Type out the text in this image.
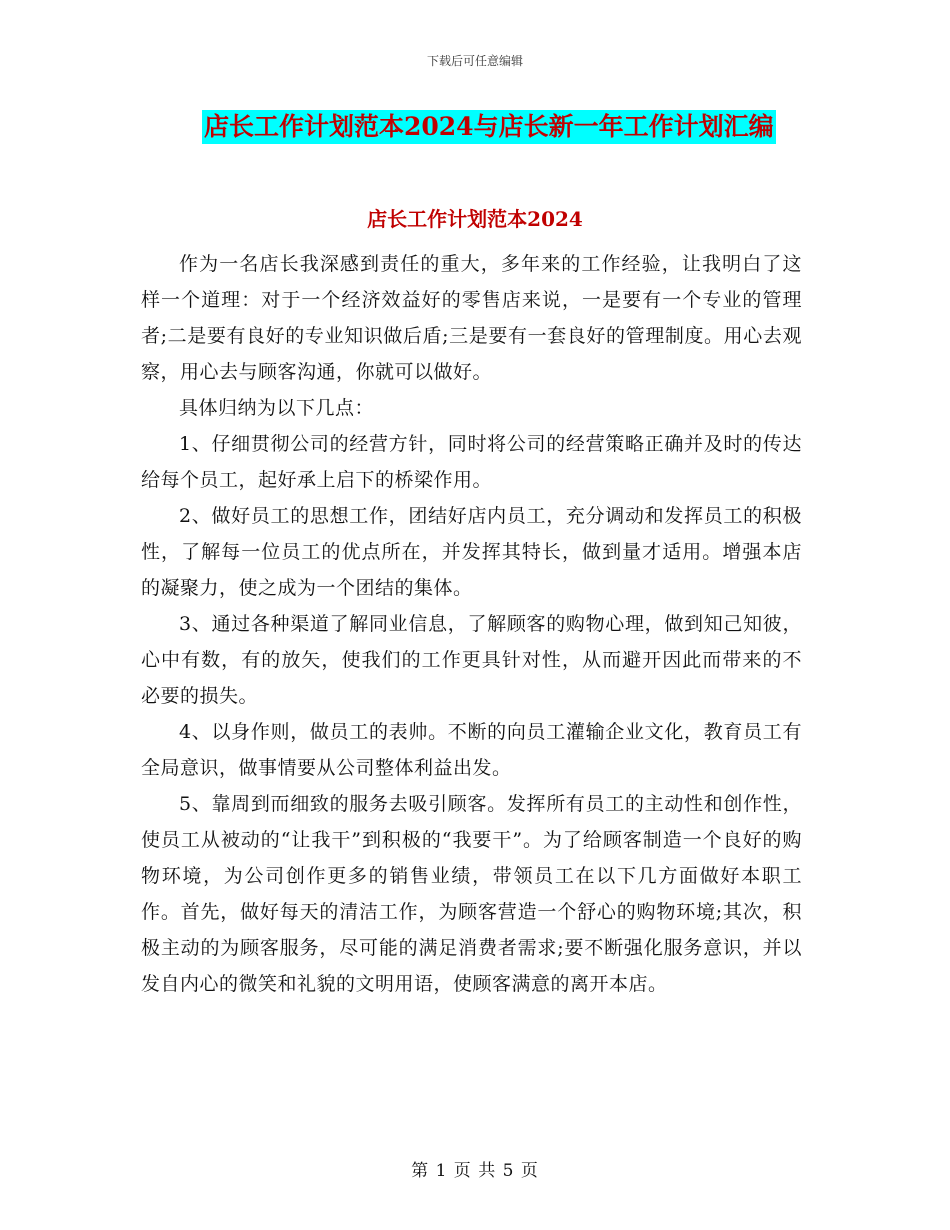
下载后可任意编辑
店长工作计划范本2024与店长新一年工作计划汇编
店长工作计划范本2024

作为一名店长我深感到责任的重大，多年来的工作经验，让我明白了这样一个道理：对于一个经济效益好的零售店来说，一是要有一个专业的管理者;二是要有良好的专业知识做后盾;三是要有一套良好的管理制度。用心去观察，用心去与顾客沟通，你就可以做好。

具体归纳为以下几点：

1、仔细贯彻公司的经营方针，同时将公司的经营策略正确并及时的传达给每个员工，起好承上启下的桥梁作用。

2、做好员工的思想工作，团结好店内员工，充分调动和发挥员工的积极性，了解每一位员工的优点所在，并发挥其特长，做到量才适用。增强本店的凝聚力，使之成为一个团结的集体。

3、通过各种渠道了解同业信息，了解顾客的购物心理，做到知己知彼，心中有数，有的放矢，使我们的工作更具针对性，从而避开因此而带来的不必要的损失。

4、以身作则，做员工的表帅。不断的向员工灌输企业文化，教育员工有全局意识，做事情要从公司整体利益出发。

5、靠周到而细致的服务去吸引顾客。发挥所有员工的主动性和创作性，使员工从被动的“让我干”到积极的“我要干”。为了给顾客制造一个良好的购物环境，为公司创作更多的销售业绩，带领员工在以下几方面做好本职工作。首先，做好每天的清洁工作，为顾客营造一个舒心的购物环境;其次，积极主动的为顾客服务，尽可能的满足消费者需求;要不断强化服务意识，并以发自内心的微笑和礼貌的文明用语，使顾客满意的离开本店。

第 1 页 共 5 页
